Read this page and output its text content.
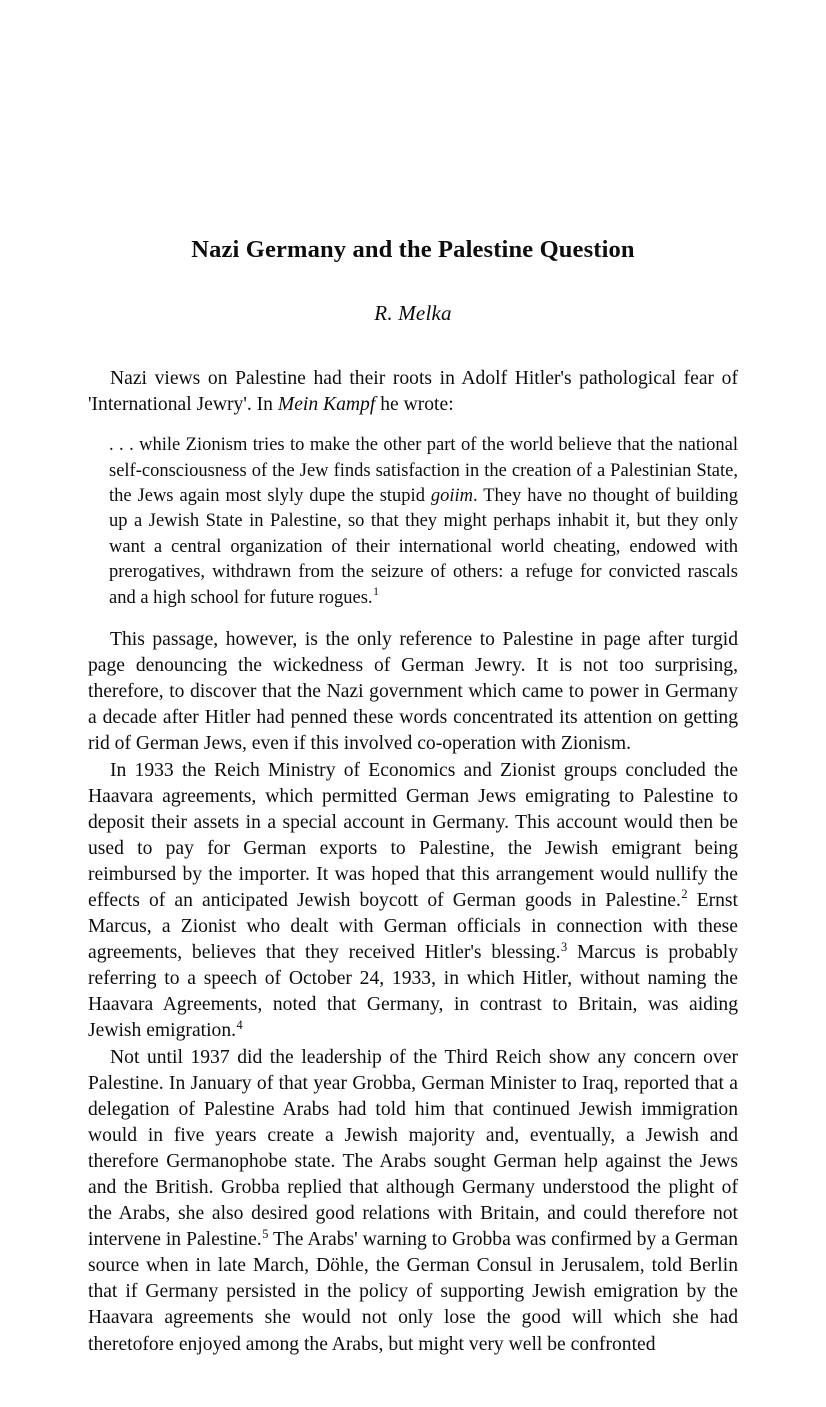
Nazi Germany and the Palestine Question

R. Melka

Nazi views on Palestine had their roots in Adolf Hitler's pathological fear of 'International Jewry'. In Mein Kampf he wrote:

. . . while Zionism tries to make the other part of the world believe that the national self-consciousness of the Jew finds satisfaction in the creation of a Palestinian State, the Jews again most slyly dupe the stupid goiim. They have no thought of building up a Jewish State in Palestine, so that they might perhaps inhabit it, but they only want a central organization of their international world cheating, endowed with prerogatives, withdrawn from the seizure of others: a refuge for convicted rascals and a high school for future rogues.$^1$

This passage, however, is the only reference to Palestine in page after turgid page denouncing the wickedness of German Jewry. It is not too surprising, therefore, to discover that the Nazi government which came to power in Germany a decade after Hitler had penned these words concentrated its attention on getting rid of German Jews, even if this involved co-operation with Zionism.

In 1933 the Reich Ministry of Economics and Zionist groups concluded the Haavara agreements, which permitted German Jews emigrating to Palestine to deposit their assets in a special account in Germany. This account would then be used to pay for German exports to Palestine, the Jewish emigrant being reimbursed by the importer. It was hoped that this arrangement would nullify the effects of an anticipated Jewish boycott of German goods in Palestine.$^2$ Ernst Marcus, a Zionist who dealt with German officials in connection with these agreements, believes that they received Hitler's blessing.$^3$ Marcus is probably referring to a speech of October 24, 1933, in which Hitler, without naming the Haavara Agreements, noted that Germany, in contrast to Britain, was aiding Jewish emigration.$^4$

Not until 1937 did the leadership of the Third Reich show any concern over Palestine. In January of that year Grobba, German Minister to Iraq, reported that a delegation of Palestine Arabs had told him that continued Jewish immigration would in five years create a Jewish majority and, eventually, a Jewish and therefore Germanophobe state. The Arabs sought German help against the Jews and the British. Grobba replied that although Germany understood the plight of the Arabs, she also desired good relations with Britain, and could therefore not intervene in Palestine.$^5$ The Arabs' warning to Grobba was confirmed by a German source when in late March, Döhle, the German Consul in Jerusalem, told Berlin that if Germany persisted in the policy of supporting Jewish emigration by the Haavara agreements she would not only lose the good will which she had theretofore enjoyed among the Arabs, but might very well be confronted
